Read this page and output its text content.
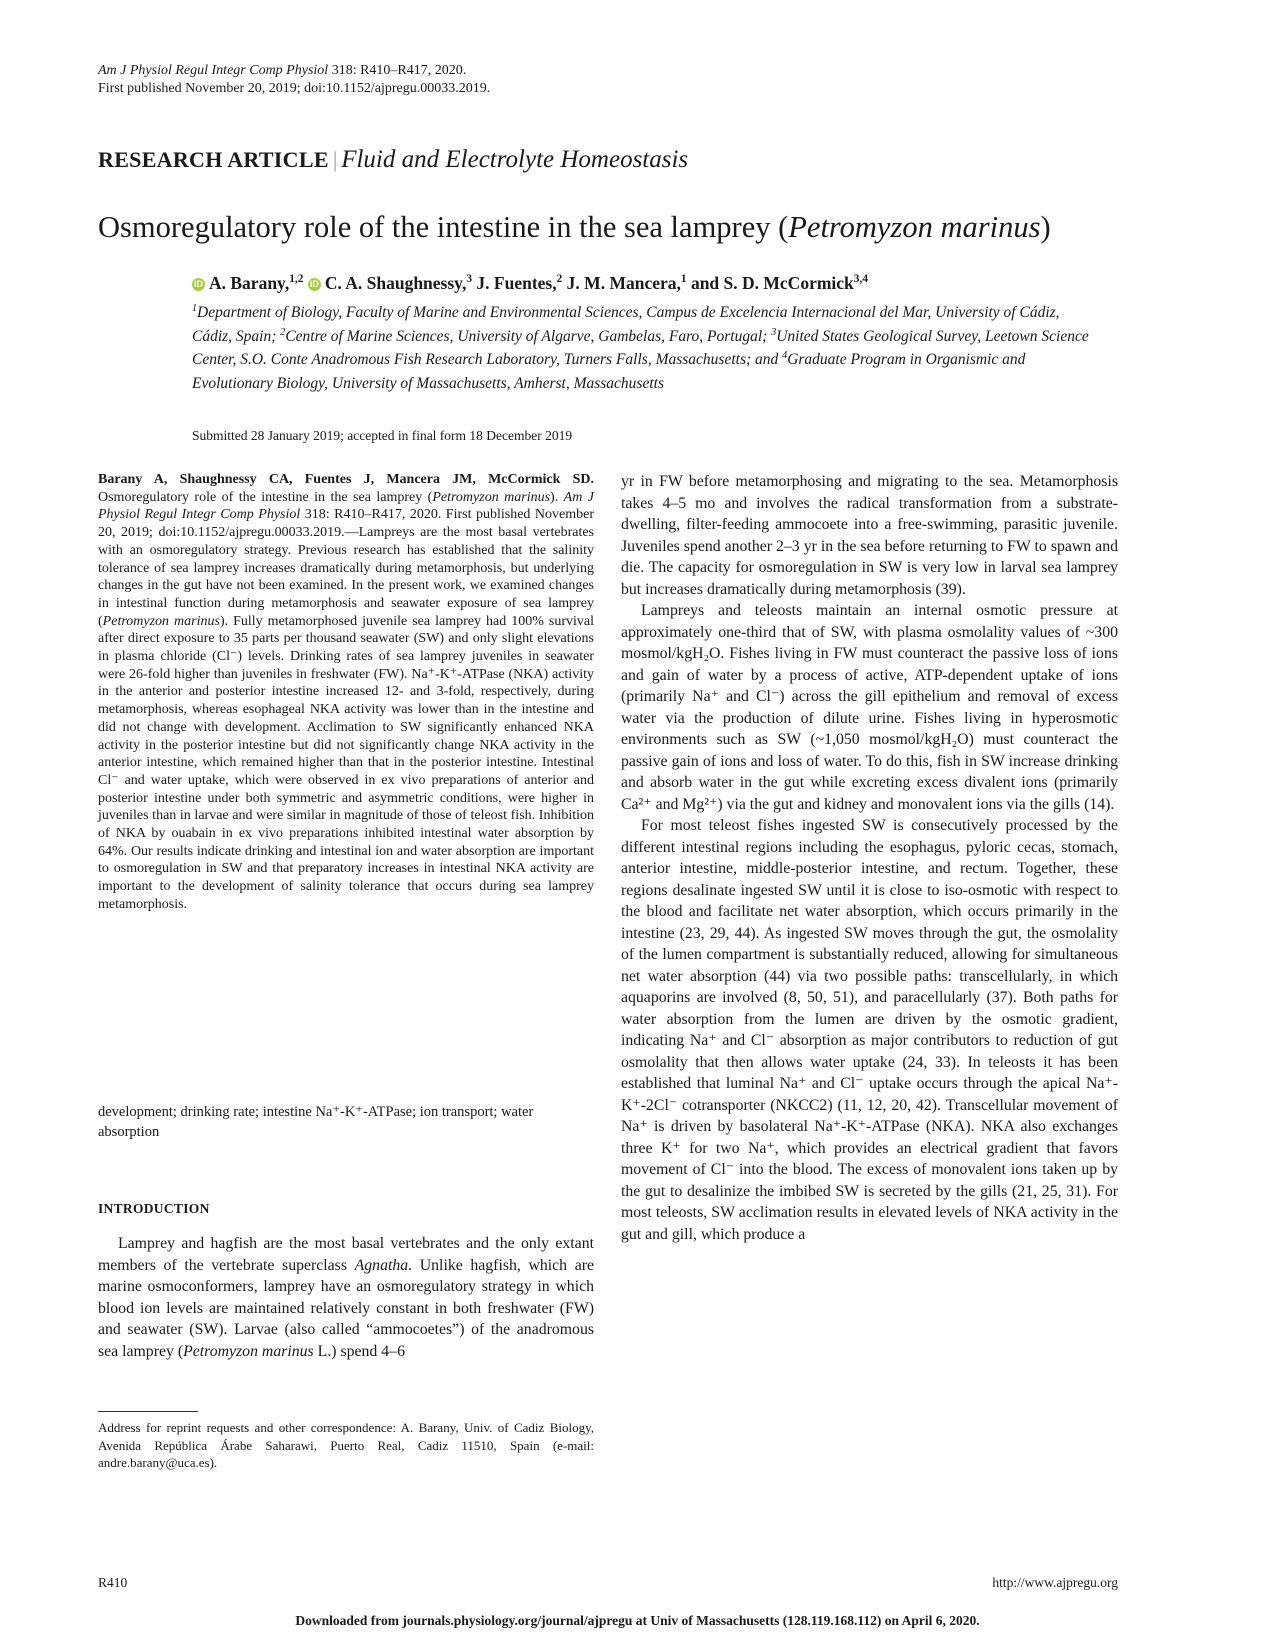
Am J Physiol Regul Integr Comp Physiol 318: R410–R417, 2020.
First published November 20, 2019; doi:10.1152/ajpregu.00033.2019.
RESEARCH ARTICLE | Fluid and Electrolyte Homeostasis
Osmoregulatory role of the intestine in the sea lamprey (Petromyzon marinus)
iD A. Barany,$^{1,2}$ iD C. A. Shaughnessy,$^3$ J. Fuentes,$^2$ J. M. Mancera,$^1$ and S. D. McCormick$^{3,4}$
$^1$Department of Biology, Faculty of Marine and Environmental Sciences, Campus de Excelencia Internacional del Mar, University of Cádiz, Cádiz, Spain; $^2$Centre of Marine Sciences, University of Algarve, Gambelas, Faro, Portugal; $^3$United States Geological Survey, Leetown Science Center, S.O. Conte Anadromous Fish Research Laboratory, Turners Falls, Massachusetts; and $^4$Graduate Program in Organismic and Evolutionary Biology, University of Massachusetts, Amherst, Massachusetts
Submitted 28 January 2019; accepted in final form 18 December 2019
Barany A, Shaughnessy CA, Fuentes J, Mancera JM, McCormick SD. Osmoregulatory role of the intestine in the sea lamprey (Petromyzon marinus). Am J Physiol Regul Integr Comp Physiol 318: R410–R417, 2020. First published November 20, 2019; doi:10.1152/ajpregu.00033.2019.—Lampreys are the most basal vertebrates with an osmoregulatory strategy. Previous research has established that the salinity tolerance of sea lamprey increases dramatically during metamorphosis, but underlying changes in the gut have not been examined. In the present work, we examined changes in intestinal function during metamorphosis and seawater exposure of sea lamprey (Petromyzon marinus). Fully metamorphosed juvenile sea lamprey had 100% survival after direct exposure to 35 parts per thousand seawater (SW) and only slight elevations in plasma chloride (Cl⁻) levels. Drinking rates of sea lamprey juveniles in seawater were 26-fold higher than juveniles in freshwater (FW). Na⁺-K⁺-ATPase (NKA) activity in the anterior and posterior intestine increased 12- and 3-fold, respectively, during metamorphosis, whereas esophageal NKA activity was lower than in the intestine and did not change with development. Acclimation to SW significantly enhanced NKA activity in the posterior intestine but did not significantly change NKA activity in the anterior intestine, which remained higher than that in the posterior intestine. Intestinal Cl⁻ and water uptake, which were observed in ex vivo preparations of anterior and posterior intestine under both symmetric and asymmetric conditions, were higher in juveniles than in larvae and were similar in magnitude of those of teleost fish. Inhibition of NKA by ouabain in ex vivo preparations inhibited intestinal water absorption by 64%. Our results indicate drinking and intestinal ion and water absorption are important to osmoregulation in SW and that preparatory increases in intestinal NKA activity are important to the development of salinity tolerance that occurs during sea lamprey metamorphosis.
development; drinking rate; intestine Na⁺-K⁺-ATPase; ion transport; water absorption
INTRODUCTION

Lamprey and hagfish are the most basal vertebrates and the only extant members of the vertebrate superclass Agnatha. Unlike hagfish, which are marine osmoconformers, lamprey have an osmoregulatory strategy in which blood ion levels are maintained relatively constant in both freshwater (FW) and seawater (SW). Larvae (also called “ammocoetes”) of the anadromous sea lamprey (Petromyzon marinus L.) spend 4–6

Address for reprint requests and other correspondence: A. Barany, Univ. of Cadiz Biology, Avenida República Árabe Saharawi, Puerto Real, Cadiz 11510, Spain (e-mail: andre.barany@uca.es).

yr in FW before metamorphosing and migrating to the sea. Metamorphosis takes 4–5 mo and involves the radical transformation from a substrate-dwelling, filter-feeding ammocoete into a free-swimming, parasitic juvenile. Juveniles spend another 2–3 yr in the sea before returning to FW to spawn and die. The capacity for osmoregulation in SW is very low in larval sea lamprey but increases dramatically during metamorphosis (39).

Lampreys and teleosts maintain an internal osmotic pressure at approximately one-third that of SW, with plasma osmolality values of ~300 mosmol/kgH₂O. Fishes living in FW must counteract the passive loss of ions and gain of water by a process of active, ATP-dependent uptake of ions (primarily Na⁺ and Cl⁻) across the gill epithelium and removal of excess water via the production of dilute urine. Fishes living in hyperosmotic environments such as SW (~1,050 mosmol/kgH₂O) must counteract the passive gain of ions and loss of water. To do this, fish in SW increase drinking and absorb water in the gut while excreting excess divalent ions (primarily Ca²⁺ and Mg²⁺) via the gut and kidney and monovalent ions via the gills (14).

For most teleost fishes ingested SW is consecutively processed by the different intestinal regions including the esophagus, pyloric cecas, stomach, anterior intestine, middle-posterior intestine, and rectum. Together, these regions desalinate ingested SW until it is close to iso-osmotic with respect to the blood and facilitate net water absorption, which occurs primarily in the intestine (23, 29, 44). As ingested SW moves through the gut, the osmolality of the lumen compartment is substantially reduced, allowing for simultaneous net water absorption (44) via two possible paths: transcellularly, in which aquaporins are involved (8, 50, 51), and paracellularly (37). Both paths for water absorption from the lumen are driven by the osmotic gradient, indicating Na⁺ and Cl⁻ absorption as major contributors to reduction of gut osmolality that then allows water uptake (24, 33). In teleosts it has been established that luminal Na⁺ and Cl⁻ uptake occurs through the apical Na⁺-K⁺-2Cl⁻ cotransporter (NKCC2) (11, 12, 20, 42). Transcellular movement of Na⁺ is driven by basolateral Na⁺-K⁺-ATPase (NKA). NKA also exchanges three K⁺ for two Na⁺, which provides an electrical gradient that favors movement of Cl⁻ into the blood. The excess of monovalent ions taken up by the gut to desalinize the imbibed SW is secreted by the gills (21, 25, 31). For most teleosts, SW acclimation results in elevated levels of NKA activity in the gut and gill, which produce a

R410	http://www.ajpregu.org
Downloaded from journals.physiology.org/journal/ajpregu at Univ of Massachusetts (128.119.168.112) on April 6, 2020.
